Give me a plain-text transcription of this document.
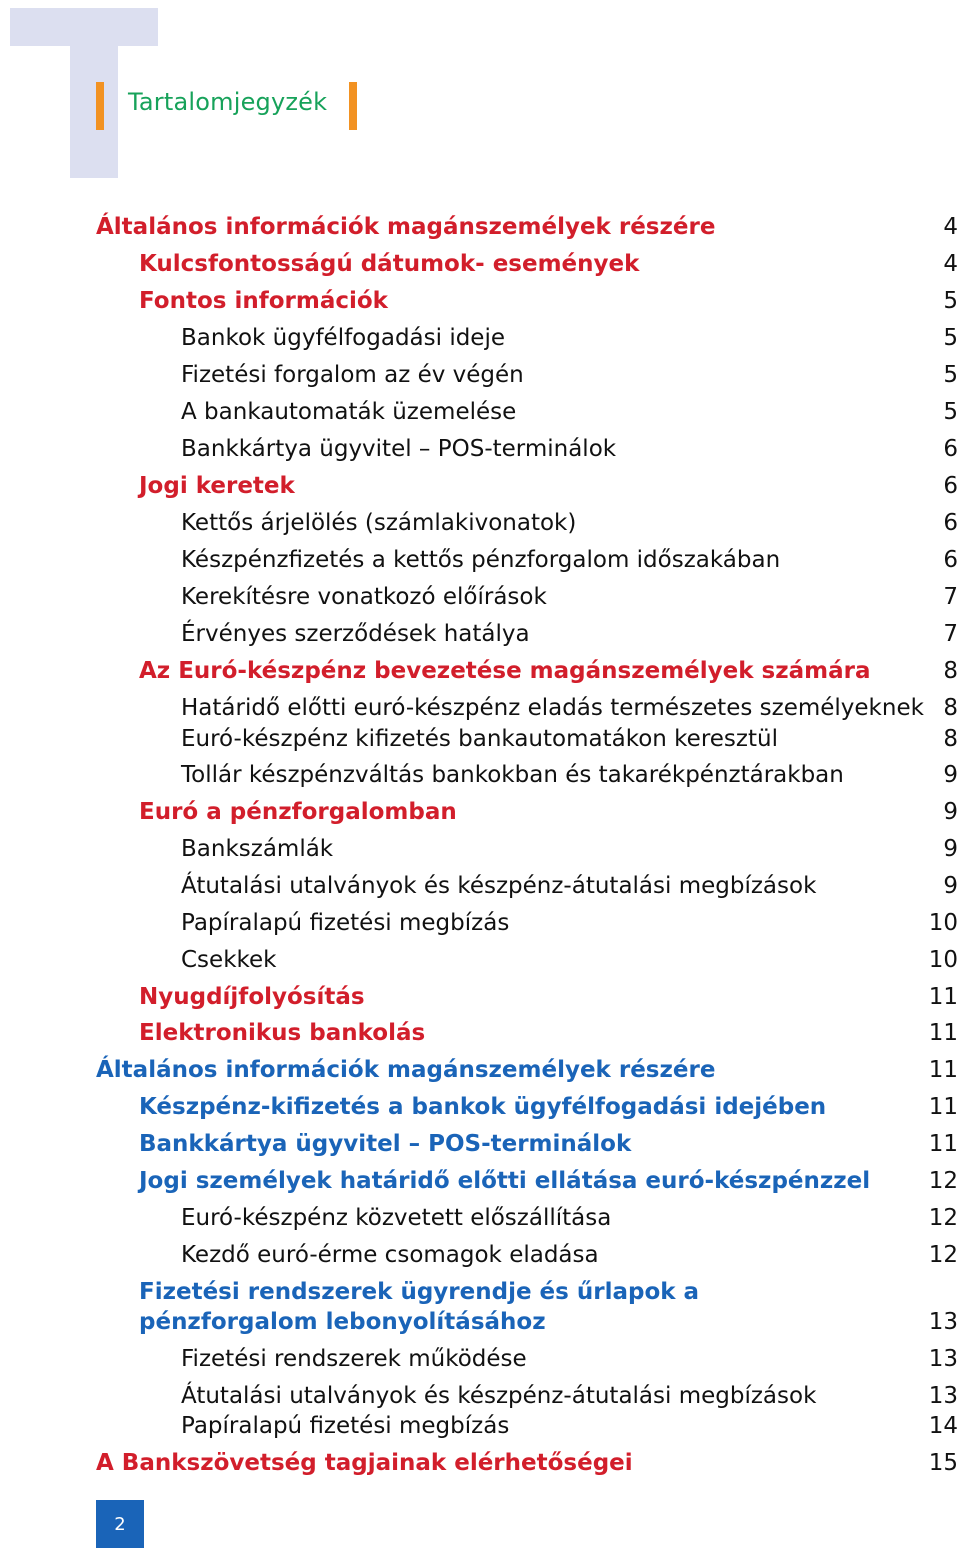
Tartalomjegyzék
Általános információk magánszemélyek részére	4
Kulcsfontosságú dátumok- események	4
Fontos információk	5
Bankok ügyfélfogadási ideje	5
Fizetési forgalom az év végén	5
A bankautomaták üzemelése	5
Bankkártya ügyvitel – POS-terminálok	6
Jogi keretek	6
Kettős árjelölés (számlakivonatok)	6
Készpénzfizetés a kettős pénzforgalom időszakában	6
Kerekítésre vonatkozó előírások	7
Érvényes szerződések hatálya	7
Az Euró-készpénz bevezetése magánszemélyek számára	8
Határidő előtti euró-készpénz eladás természetes személyeknek 8
Euró-készpénz kifizetés bankautomatákon keresztül	8
Tollár készpénzváltás bankokban és takarékpénztárakban	9
Euró a pénzforgalomban	9
Bankszámlák	9
Átutalási utalványok és készpénz-átutalási megbízások	9
Papíralapú fizetési megbízás	10
Csekkek	10
Nyugdíjfolyósítás	11
Elektronikus bankolás	11
Általános információk magánszemélyek részére	11
Készpénz-kifizetés a bankok ügyfélfogadási idejében	11
Bankkártya ügyvitel – POS-terminálok	11
Jogi személyek határidő előtti ellátása euró-készpénzzel	12
Euró-készpénz közvetett előszállítása	12
Kezdő euró-érme csomagok eladása	12
Fizetési rendszerek ügyrendje és űrlapok a pénzforgalom lebonyolításához	13
Fizetési rendszerek működése	13
Átutalási utalványok és készpénz-átutalási megbízások	13
Papíralapú fizetési megbízás	14
A Bankszövetség tagjainak elérhetőségei	15
2
